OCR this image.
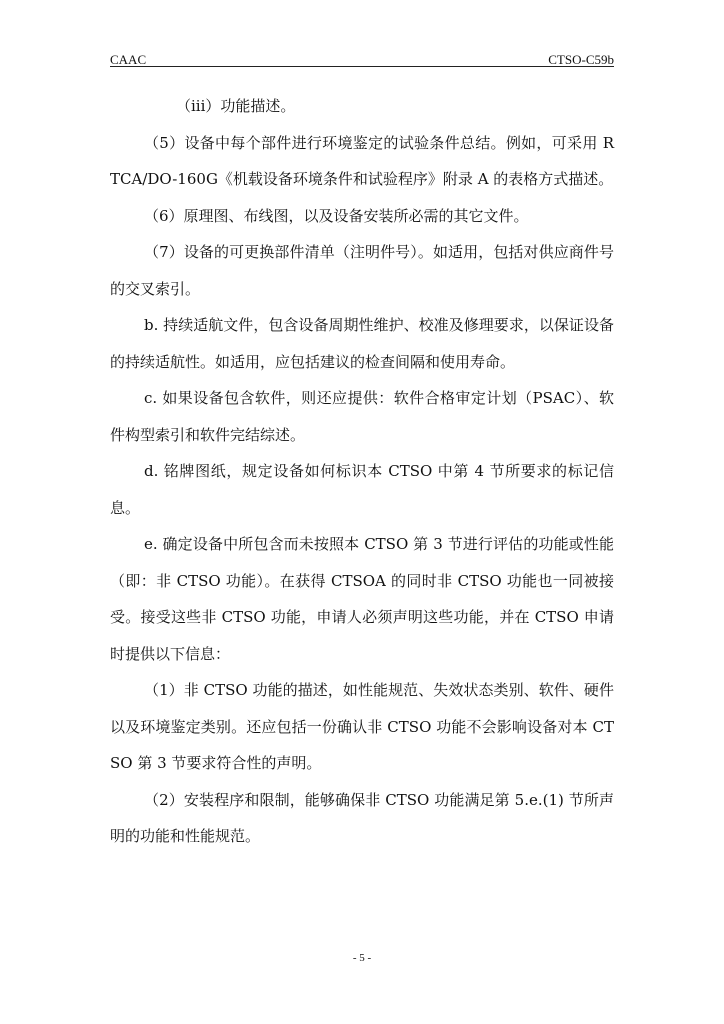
CAAC	CTSO-C59b

（iii）功能描述。

（5）设备中每个部件进行环境鉴定的试验条件总结。例如，可采用 RTCA/DO-160G《机载设备环境条件和试验程序》附录 A 的表格方式描述。

（6）原理图、布线图，以及设备安装所必需的其它文件。

（7）设备的可更换部件清单（注明件号）。如适用，包括对供应商件号的交叉索引。

b. 持续适航文件，包含设备周期性维护、校准及修理要求，以保证设备的持续适航性。如适用，应包括建议的检查间隔和使用寿命。

c. 如果设备包含软件，则还应提供：软件合格审定计划（PSAC）、软件构型索引和软件完结综述。

d. 铭牌图纸，规定设备如何标识本 CTSO 中第 4 节所要求的标记信息。

e. 确定设备中所包含而未按照本 CTSO 第 3 节进行评估的功能或性能（即：非 CTSO 功能）。在获得 CTSOA 的同时非 CTSO 功能也一同被接受。接受这些非 CTSO 功能，申请人必须声明这些功能，并在 CTSO 申请时提供以下信息：

（1）非 CTSO 功能的描述，如性能规范、失效状态类别、软件、硬件以及环境鉴定类别。还应包括一份确认非 CTSO 功能不会影响设备对本 CTSO 第 3 节要求符合性的声明。

（2）安装程序和限制，能够确保非 CTSO 功能满足第 5.e.(1) 节所声明的功能和性能规范。

- 5 -
